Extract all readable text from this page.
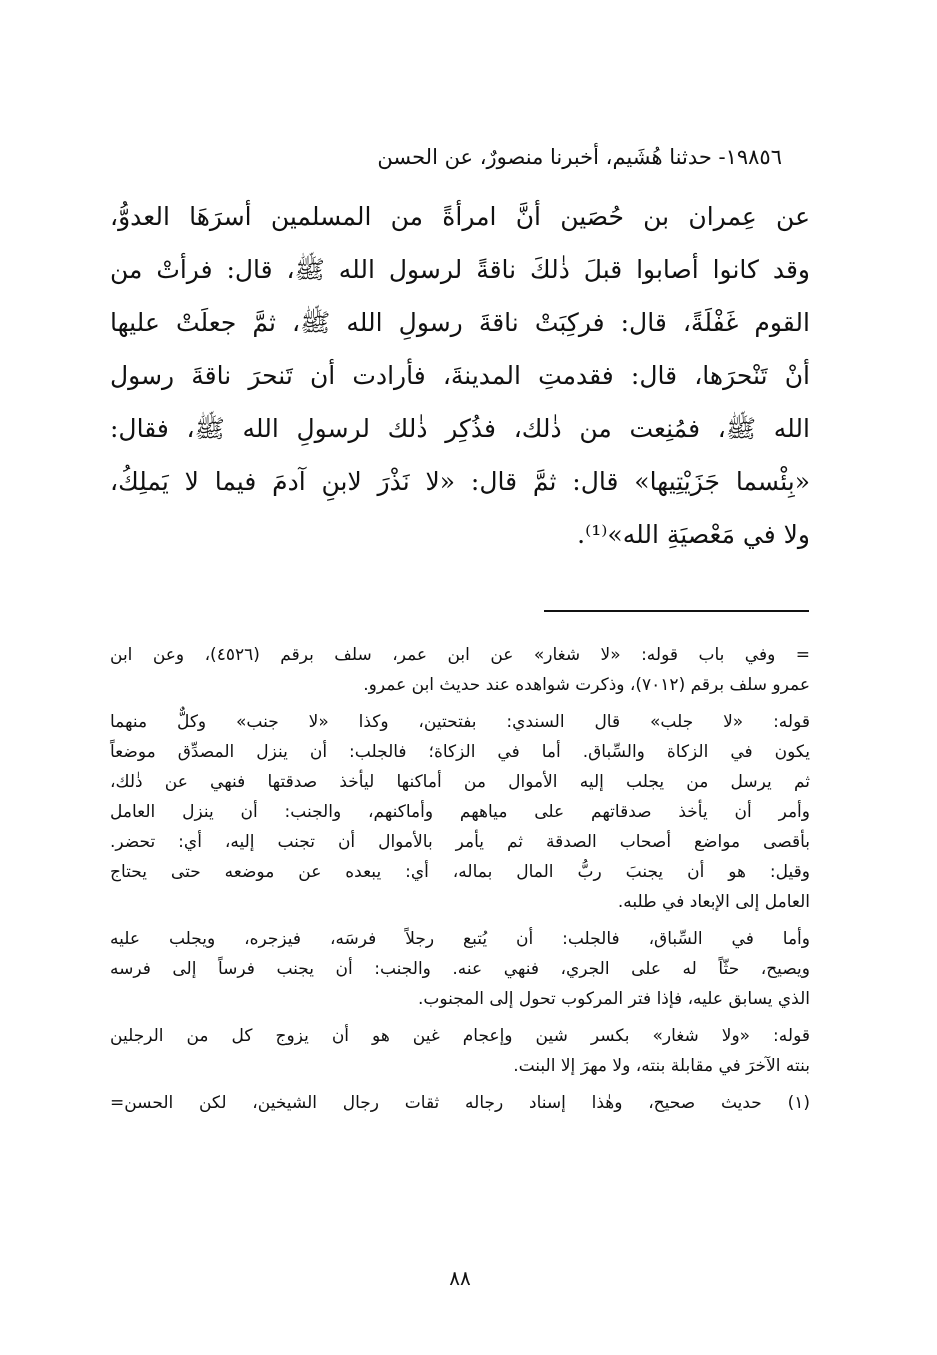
١٩٨٥٦- حدثنا هُشَيم، أخبرنا منصورٌ، عن الحسن
عن عِمران بن حُصَين أنَّ امرأةً من المسلمين أسرَهَا العدوُّ،
وقد كانوا أصابوا قبلَ ذٰلكَ ناقةً لرسول الله ﷺ، قال: فرأتْ من
القوم غَفْلَةً، قال: فركِبَتْ ناقةَ رسولِ الله ﷺ، ثمَّ جعلَتْ عليها
أنْ تَنْحرَها، قال: فقدمتِ المدينةَ، فأرادت أن تَنحرَ ناقةَ رسول
الله ﷺ، فمُنِعت من ذٰلك، فذُكِر ذٰلك لرسولِ الله ﷺ، فقال:
«بِئْسما جَزَيْتِيها» قال: ثمَّ قال: «لا نَذْرَ لابنِ آدمَ فيما لا يَملِكُ،
ولا في مَعْصيَةِ الله»⁽¹⁾.
= وفي باب قوله: «لا شغار» عن ابن عمر، سلف برقم (٤٥٢٦)، وعن ابن
عمرو سلف برقم (٧٠١٢)، وذكرت شواهده عند حديث ابن عمرو.
قوله: «لا جلب» قال السندي: بفتحتين، وكذا «لا جنب» وكلٌّ منهما
يكون في الزكاة والسِّباق. أما في الزكاة؛ فالجلب: أن ينزل المصدِّق موضعاً
ثم يرسل من يجلب إليه الأموال من أماكنها ليأخذ صدقتها فنهي عن ذٰلك،
وأمر أن يأخذ صدقاتهم على مياههم وأماكنهم، والجنب: أن ينزل العامل
بأقصى مواضع أصحاب الصدقة ثم يأمر بالأموال أن تجنب إليه، أي: تحضر.
وقيل: هو أن يجنبَ ربُّ المال بماله، أي: يبعده عن موضعه حتى يحتاج
العامل إلى الإبعاد في طلبه.
وأما في السِّباق، فالجلب: أن يُتبع رجلاً فرسَه، فيزجره، ويجلب عليه
ويصيح، حثّاً له على الجري، فنهي عنه. والجنب: أن يجنب فرساً إلى فرسه
الذي يسابق عليه، فإذا فتر المركوب تحول إلى المجنوب.
قوله: «ولا شغار» بكسر شين وإعجام غين هو أن يزوج كل من الرجلين
بنته الآخرَ في مقابلة بنته، ولا مهرَ إلا البنت.
(١) حديث صحيح، وهٰذا إسناد رجاله ثقات رجال الشيخين، لكن الحسن=
٨٨
